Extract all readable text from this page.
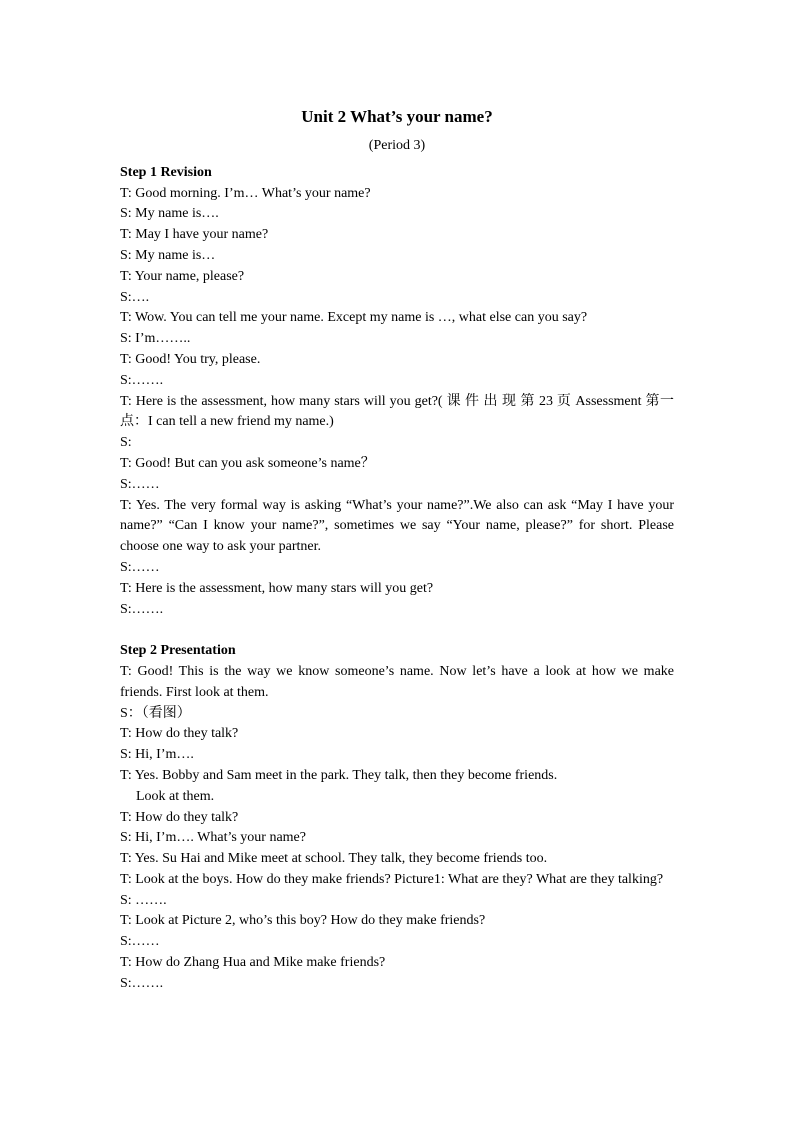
Unit 2 What’s your name?
(Period 3)
Step 1 Revision
T: Good morning. I’m… What’s your name?
S: My name is….
T: May I have your name?
S: My name is…
T: Your name, please?
S:….
T: Wow. You can tell me your name. Except my name is …, what else can you say?
S: I’m……..
T: Good! You try, please.
S:…….
T: Here is the assessment, how many stars will you get?( 课 件 出 现 第 23 页 Assessment 第一点：I can tell a new friend my name.)
S:
T: Good! But can you ask someone’s name？
S:……
T: Yes. The very formal way is asking “What’s your name?”.We also can ask “May I have your name?” “Can I know your name?”, sometimes we say “Your name, please?” for short. Please choose one way to ask your partner.
S:……
T: Here is the assessment, how many stars will you get?
S:…….
Step 2 Presentation
T: Good! This is the way we know someone’s name. Now let’s have a look at how we make friends. First look at them.
S：（看图）
T: How do they talk?
S: Hi, I’m….
T: Yes. Bobby and Sam meet in the park. They talk, then they become friends.
Look at them.
T: How do they talk?
S: Hi, I’m…. What’s your name?
T: Yes. Su Hai and Mike meet at school. They talk, they become friends too.
T: Look at the boys. How do they make friends? Picture1: What are they? What are they talking?
S: …….
T: Look at Picture 2, who’s this boy? How do they make friends?
S:……
T: How do Zhang Hua and Mike make friends?
S:…….
